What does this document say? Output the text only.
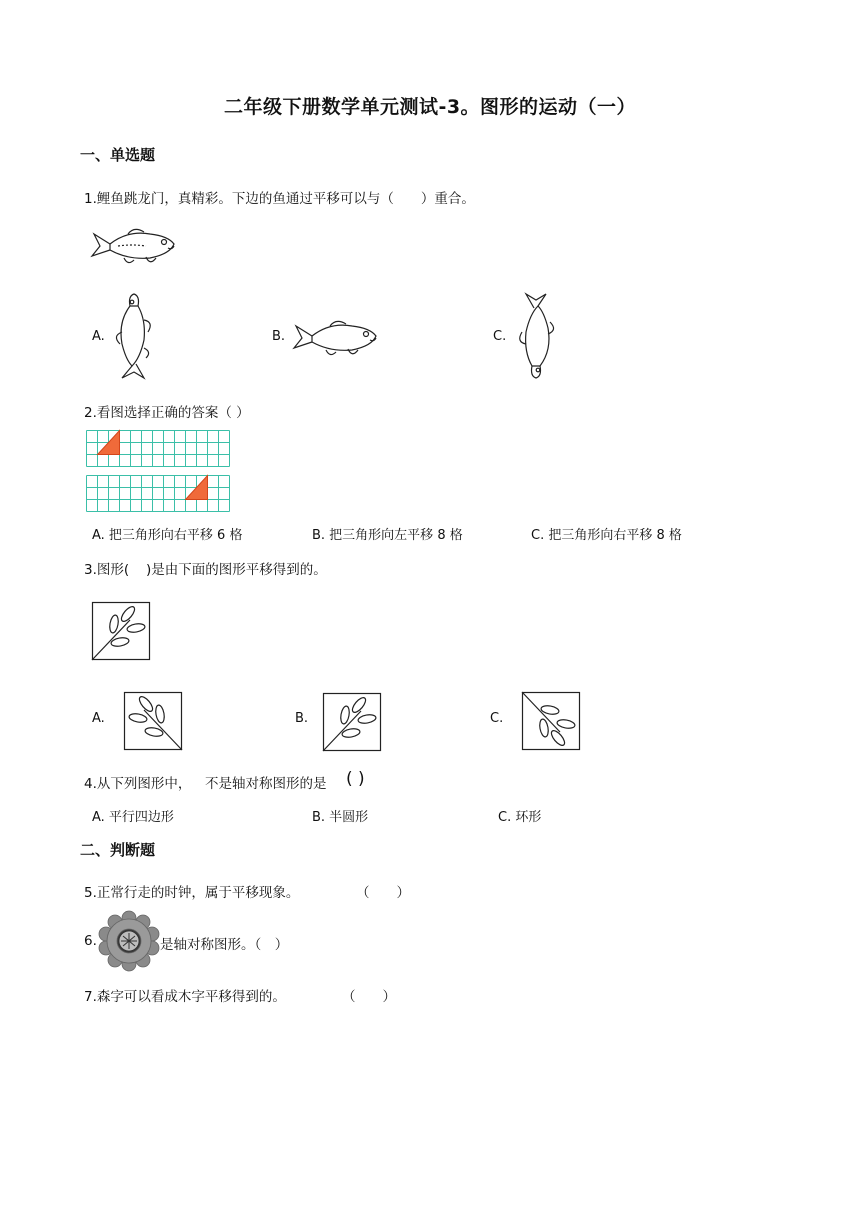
二年级下册数学单元测试-3。图形的运动（一）
一、单选题
1.鲤鱼跳龙门，真精彩。下边的鱼通过平移可以与（　　）重合。
A.	B.	C.
2.看图选择正确的答案（ ）
A. 把三角形向右平移 6 格	B. 把三角形向左平移 8 格	C. 把三角形向右平移 8 格
3.图形( )是由下面的图形平移得到的。
A.	B.	C.
4.从下列图形中， 不是轴对称图形的是 ( )
A. 平行四边形	B. 半圆形	C. 环形
二、判断题
5.正常行走的时钟，属于平移现象。	（　　）
6.	是轴对称图形。（　）
7.森字可以看成木字平移得到的。	（　　）
